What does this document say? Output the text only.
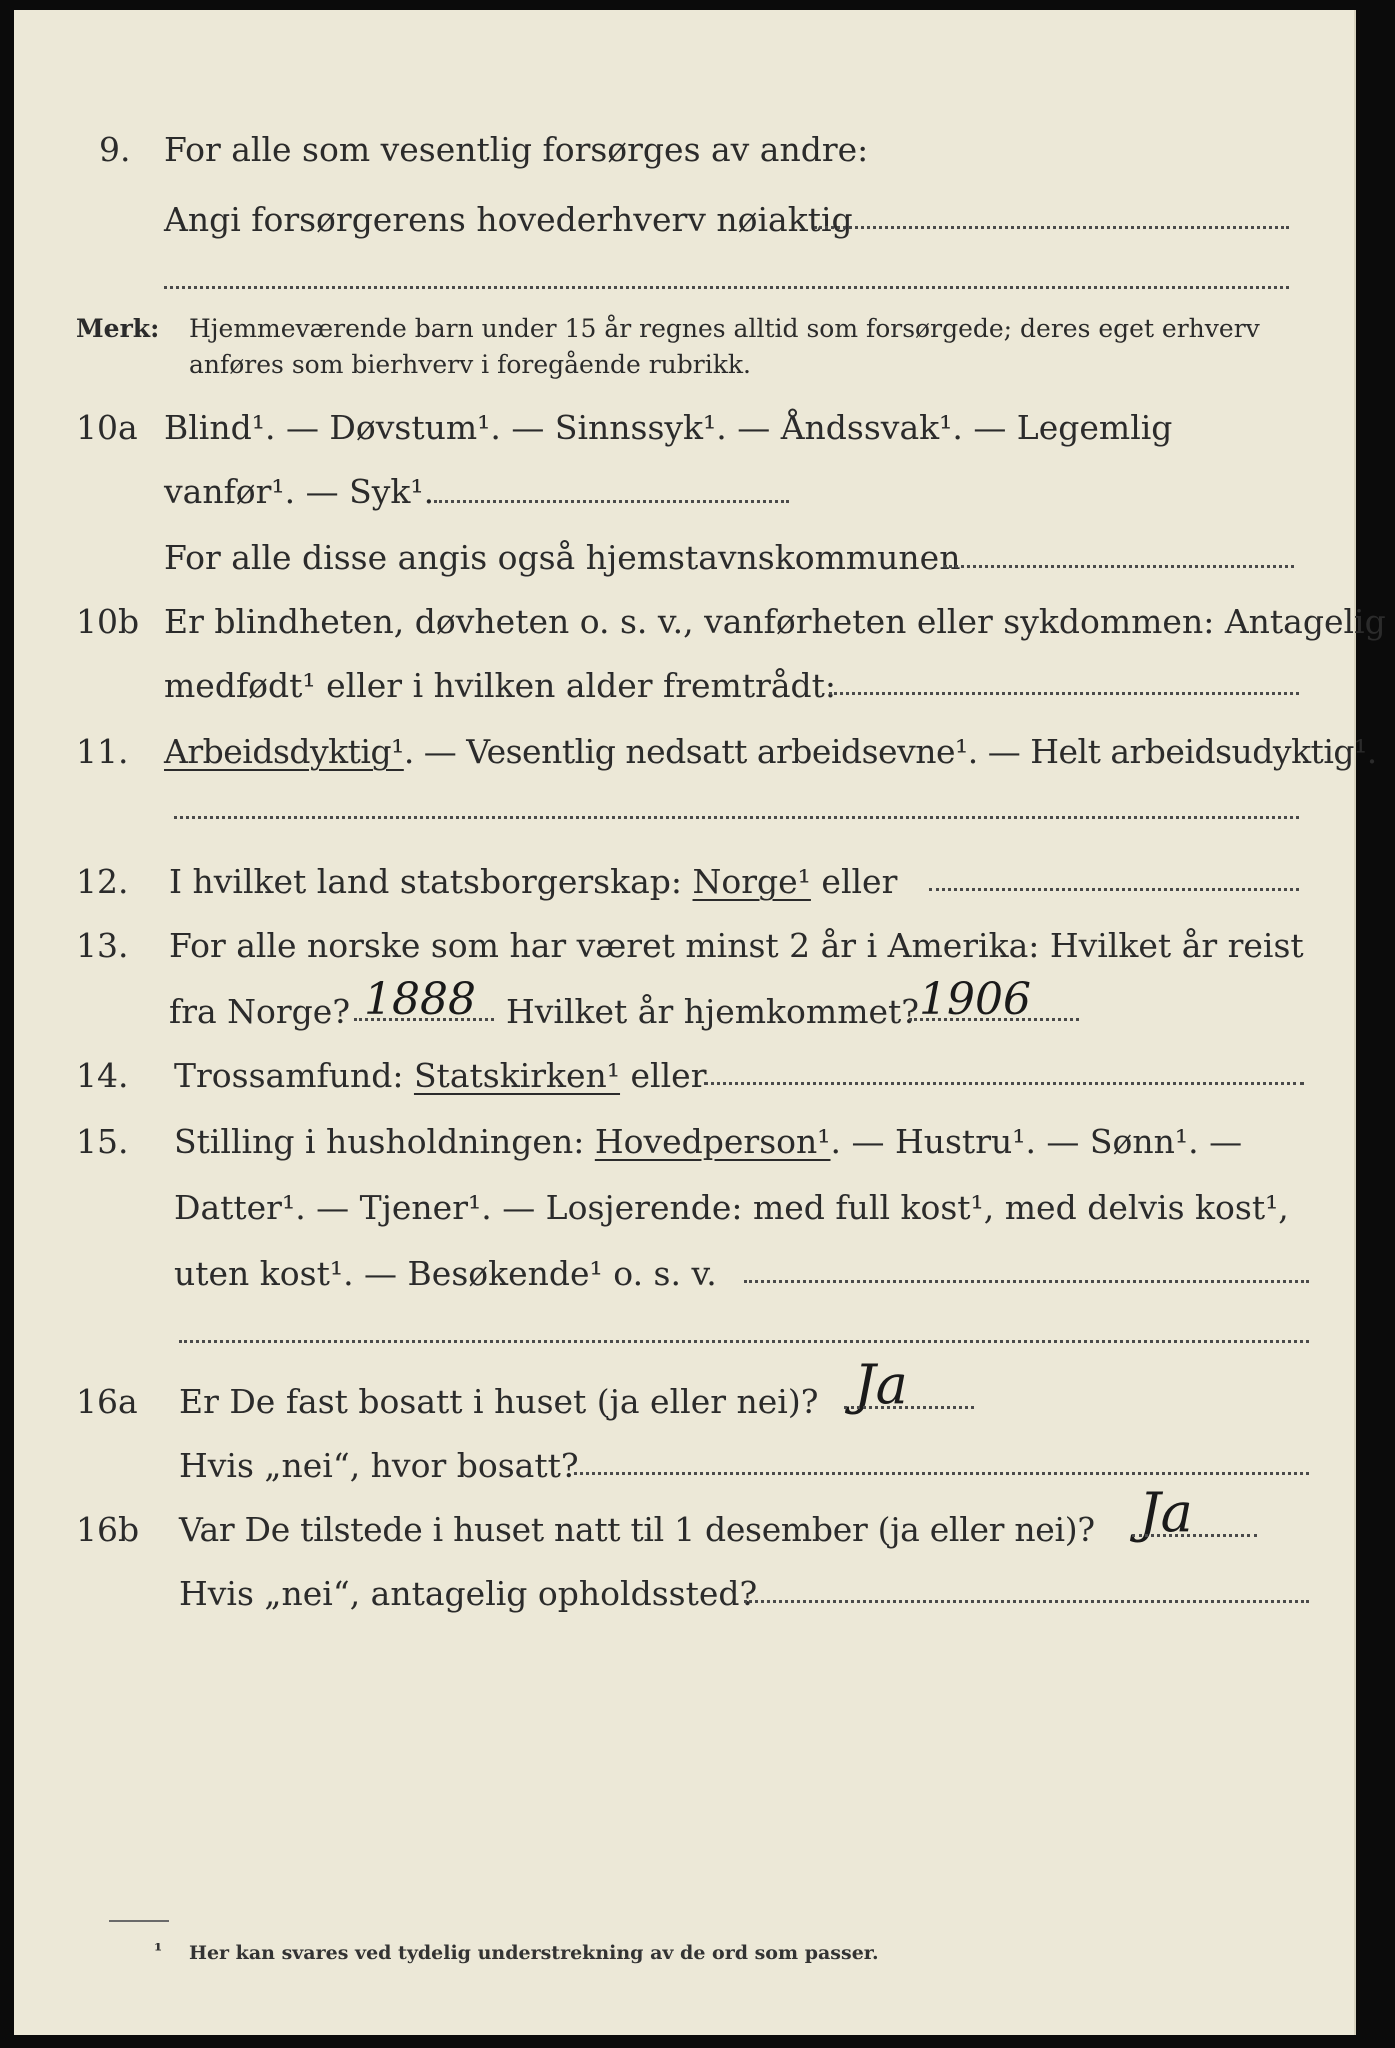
9. For alle som vesentlig forsørges av andre:
Angi forsørgerens hovederhverv nøiaktig
Merk: Hjemmeværende barn under 15 år regnes alltid som forsørgede; deres eget erhverv
anføres som bierhverv i foregående rubrikk.
10a Blind¹. — Døvstum¹. — Sinnssyk¹. — Åndssvak¹. — Legemlig
vanfør¹. — Syk¹.
For alle disse angis også hjemstavnskommunen
10b Er blindheten, døvheten o. s. v., vanførheten eller sykdommen: Antagelig
medfødt¹ eller i hvilken alder fremtrådt:
11. Arbeidsdyktig¹. — Vesentlig nedsatt arbeidsevne¹. — Helt arbeidsudyktig¹.
12. I hvilket land statsborgerskap: Norge¹ eller
13. For alle norske som har været minst 2 år i Amerika: Hvilket år reist
fra Norge? 1888 Hvilket år hjemkommet? 1906
14. Trossamfund: Statskirken¹ eller
15. Stilling i husholdningen: Hovedperson¹. — Hustru¹. — Sønn¹. —
Datter¹. — Tjener¹. — Losjerende: med full kost¹, med delvis kost¹,
uten kost¹. — Besøkende¹ o. s. v.
16a Er De fast bosatt i huset (ja eller nei)? Ja
Hvis „nei“, hvor bosatt?
16b Var De tilstede i huset natt til 1 desember (ja eller nei)? Ja
Hvis „nei“, antagelig opholdssted?
¹ Her kan svares ved tydelig understrekning av de ord som passer.
